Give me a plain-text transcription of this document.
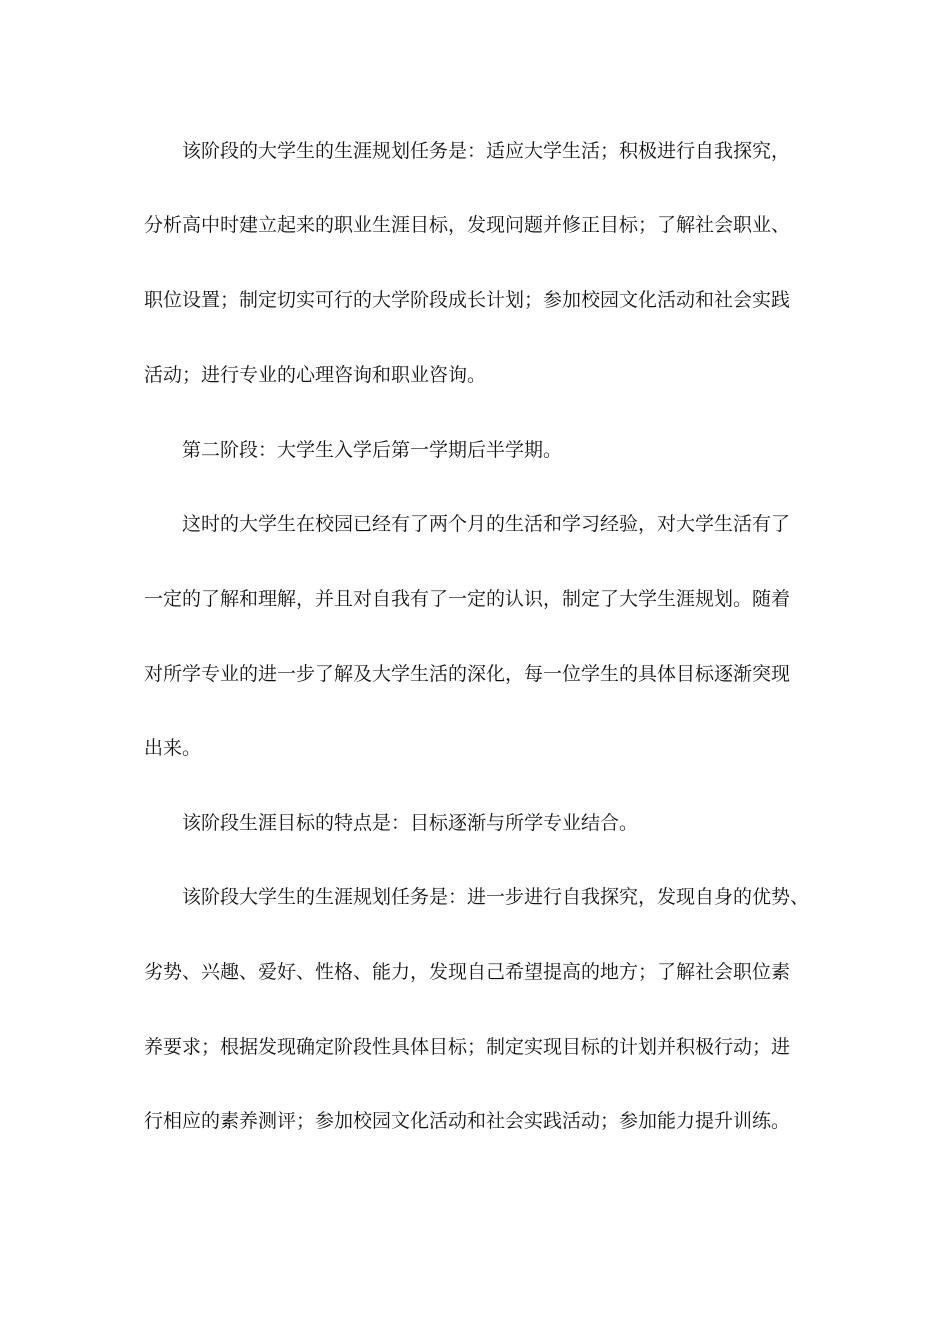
该阶段的大学生的生涯规划任务是：适应大学生活；积极进行自我探究，
分析高中时建立起来的职业生涯目标，发现问题并修正目标；了解社会职业、
职位设置；制定切实可行的大学阶段成长计划；参加校园文化活动和社会实践
活动；进行专业的心理咨询和职业咨询。
第二阶段：大学生入学后第一学期后半学期。
这时的大学生在校园已经有了两个月的生活和学习经验，对大学生活有了
一定的了解和理解，并且对自我有了一定的认识，制定了大学生涯规划。随着
对所学专业的进一步了解及大学生活的深化，每一位学生的具体目标逐渐突现
出来。
该阶段生涯目标的特点是：目标逐渐与所学专业结合。
该阶段大学生的生涯规划任务是：进一步进行自我探究，发现自身的优势、
劣势、兴趣、爱好、性格、能力，发现自己希望提高的地方；了解社会职位素
养要求；根据发现确定阶段性具体目标；制定实现目标的计划并积极行动；进
行相应的素养测评；参加校园文化活动和社会实践活动；参加能力提升训练。
